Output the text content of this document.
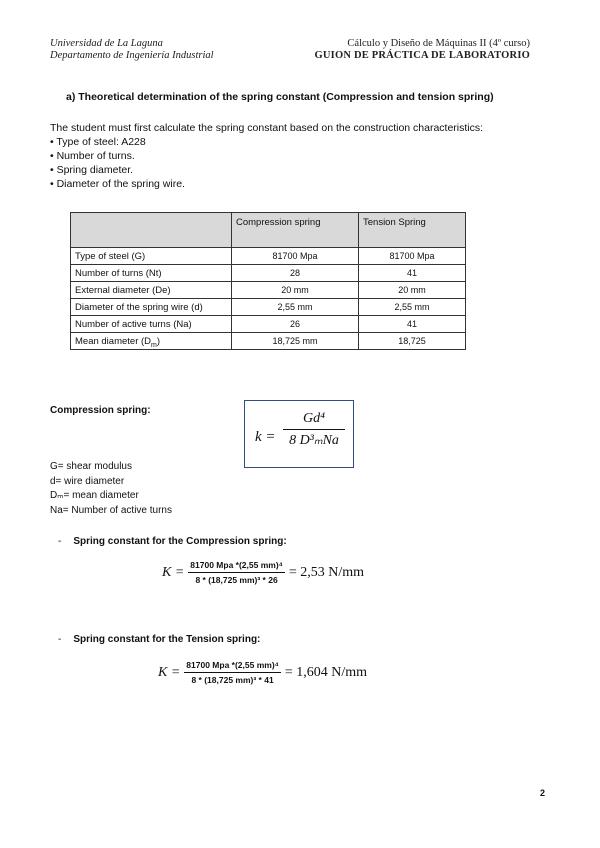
Universidad de La Laguna
Departamento de Ingeniería Industrial
Cálculo y Diseño de Máquinas II (4º curso)
GUION DE PRÁCTICA DE LABORATORIO
a) Theoretical determination of the spring constant (Compression and tension spring)
The student must first calculate the spring constant based on the construction characteristics:
• Type of steel: A228
• Number of turns.
• Spring diameter.
• Diameter of the spring wire.
	Compression spring	Tension Spring
Type of steel (G)	81700 Mpa	81700 Mpa
Number of turns (Nt)	28	41
External diameter (De)	20 mm	20 mm
Diameter of the spring wire (d)	2,55 mm	2,55 mm
Number of active turns (Na)	26	41
Mean diameter $(D_m)$	18,725 mm	18,725
Compression spring:
k =
Gd⁴
8 D³ₘNa
G= shear modulus
d= wire diameter
Dₘ= mean diameter
Na= Number of active turns
- Spring constant for the Compression spring:
$K = \frac{\text{81700 Mpa *(2,55 mm)⁴}}{\text{8 * (18,725 mm)³ * 26}} = 2,53$ N/mm
- Spring constant for the Tension spring:
$K = \frac{\text{81700 Mpa *(2,55 mm)⁴}}{\text{8 * (18,725 mm)³ * 41}} = 1,604$ N/mm
2
